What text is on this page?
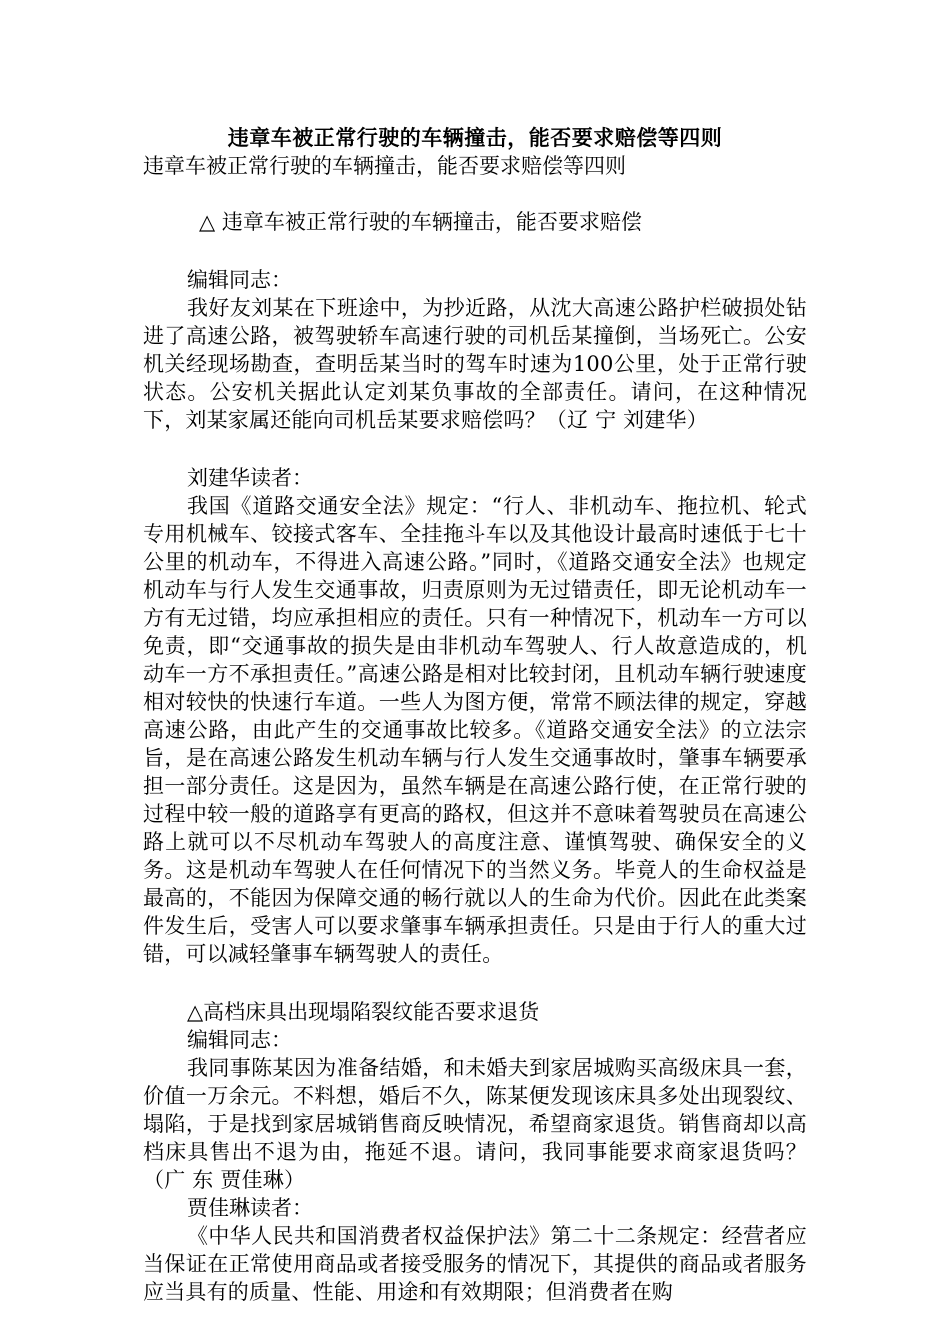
违章车被正常行驶的车辆撞击，能否要求赔偿等四则

违章车被正常行驶的车辆撞击，能否要求赔偿等四则

△ 违章车被正常行驶的车辆撞击，能否要求赔偿

编辑同志：

我好友刘某在下班途中，为抄近路，从沈大高速公路护栏破损处钻进了高速公路，被驾驶轿车高速行驶的司机岳某撞倒，当场死亡。公安机关经现场勘查，查明岳某当时的驾车时速为100公里，处于正常行驶状态。公安机关据此认定刘某负事故的全部责任。请问，在这种情况下，刘某家属还能向司机岳某要求赔偿吗？（辽 宁 刘建华）

刘建华读者：

我国《道路交通安全法》规定：“行人、非机动车、拖拉机、轮式专用机械车、铰接式客车、全挂拖斗车以及其他设计最高时速低于七十公里的机动车，不得进入高速公路。”同时，《道路交通安全法》也规定机动车与行人发生交通事故，归责原则为无过错责任，即无论机动车一方有无过错，均应承担相应的责任。只有一种情况下，机动车一方可以免责，即“交通事故的损失是由非机动车驾驶人、行人故意造成的，机动车一方不承担责任。”高速公路是相对比较封闭，且机动车辆行驶速度相对较快的快速行车道。一些人为图方便，常常不顾法律的规定，穿越高速公路，由此产生的交通事故比较多。《道路交通安全法》的立法宗旨，是在高速公路发生机动车辆与行人发生交通事故时，肇事车辆要承担一部分责任。这是因为，虽然车辆是在高速公路行使，在正常行驶的过程中较一般的道路享有更高的路权，但这并不意味着驾驶员在高速公路上就可以不尽机动车驾驶人的高度注意、谨慎驾驶、确保安全的义务。这是机动车驾驶人在任何情况下的当然义务。毕竟人的生命权益是最高的，不能因为保障交通的畅行就以人的生命为代价。因此在此类案件发生后，受害人可以要求肇事车辆承担责任。只是由于行人的重大过错，可以减轻肇事车辆驾驶人的责任。

△高档床具出现塌陷裂纹能否要求退货

编辑同志：

我同事陈某因为准备结婚，和未婚夫到家居城购买高级床具一套，价值一万余元。不料想，婚后不久，陈某便发现该床具多处出现裂纹、塌陷，于是找到家居城销售商反映情况，希望商家退货。销售商却以高档床具售出不退为由，拖延不退。请问，我同事能要求商家退货吗？（广 东 贾佳琳）

贾佳琳读者：

《中华人民共和国消费者权益保护法》第二十二条规定：经营者应当保证在正常使用商品或者接受服务的情况下，其提供的商品或者服务应当具有的质量、性能、用途和有效期限；但消费者在购
